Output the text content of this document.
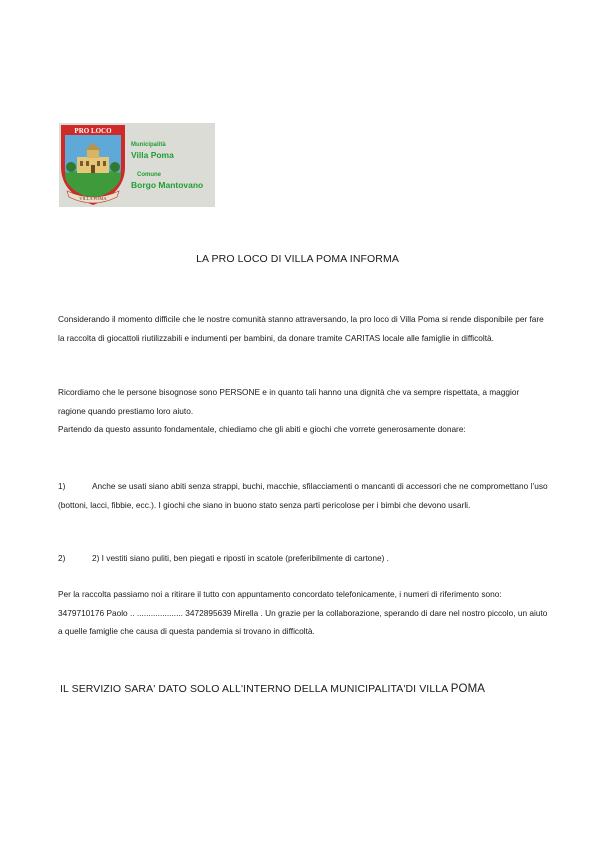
PRO LOCO
VILLA POMA
Municipalità
Villa Poma
Comune
Borgo Mantovano
LA PRO LOCO DI VILLA POMA INFORMA
Considerando il momento difficile che le nostre comunità stanno attraversando, la pro loco di Villa Poma si rende disponibile per fare la raccolta di giocattoli riutilizzabili e indumenti per bambini, da donare tramite CARITAS locale alle famiglie in difficoltà.
Ricordiamo che le persone bisognose sono PERSONE e in quanto tali hanno una dignità che va sempre rispettata, a maggior ragione quando prestiamo loro aiuto.
Partendo da questo assunto fondamentale, chiediamo che gli abiti e giochi che vorrete generosamente donare:
1)	Anche se usati siano abiti senza strappi, buchi, macchie, sfilacciamenti o mancanti di accessori che ne compromettano l’uso (bottoni, lacci, fibbie, ecc.). I giochi che siano in buono stato senza parti pericolose per i bimbi che devono usarli.
2)	2) I vestiti siano puliti, ben piegati e riposti in scatole (preferibilmente di cartone) .
Per la raccolta passiamo noi a ritirare il tutto con appuntamento concordato telefonicamente, i numeri di riferimento sono: 3479710176 Paolo .. .................... 3472895639 Mirella . Un grazie per la collaborazione, sperando di dare nel nostro piccolo, un aiuto a quelle famiglie che causa di questa pandemia si trovano in difficoltà.
IL SERVIZIO SARA' DATO SOLO ALL'INTERNO DELLA MUNICIPALITA'DI VILLA POMA
